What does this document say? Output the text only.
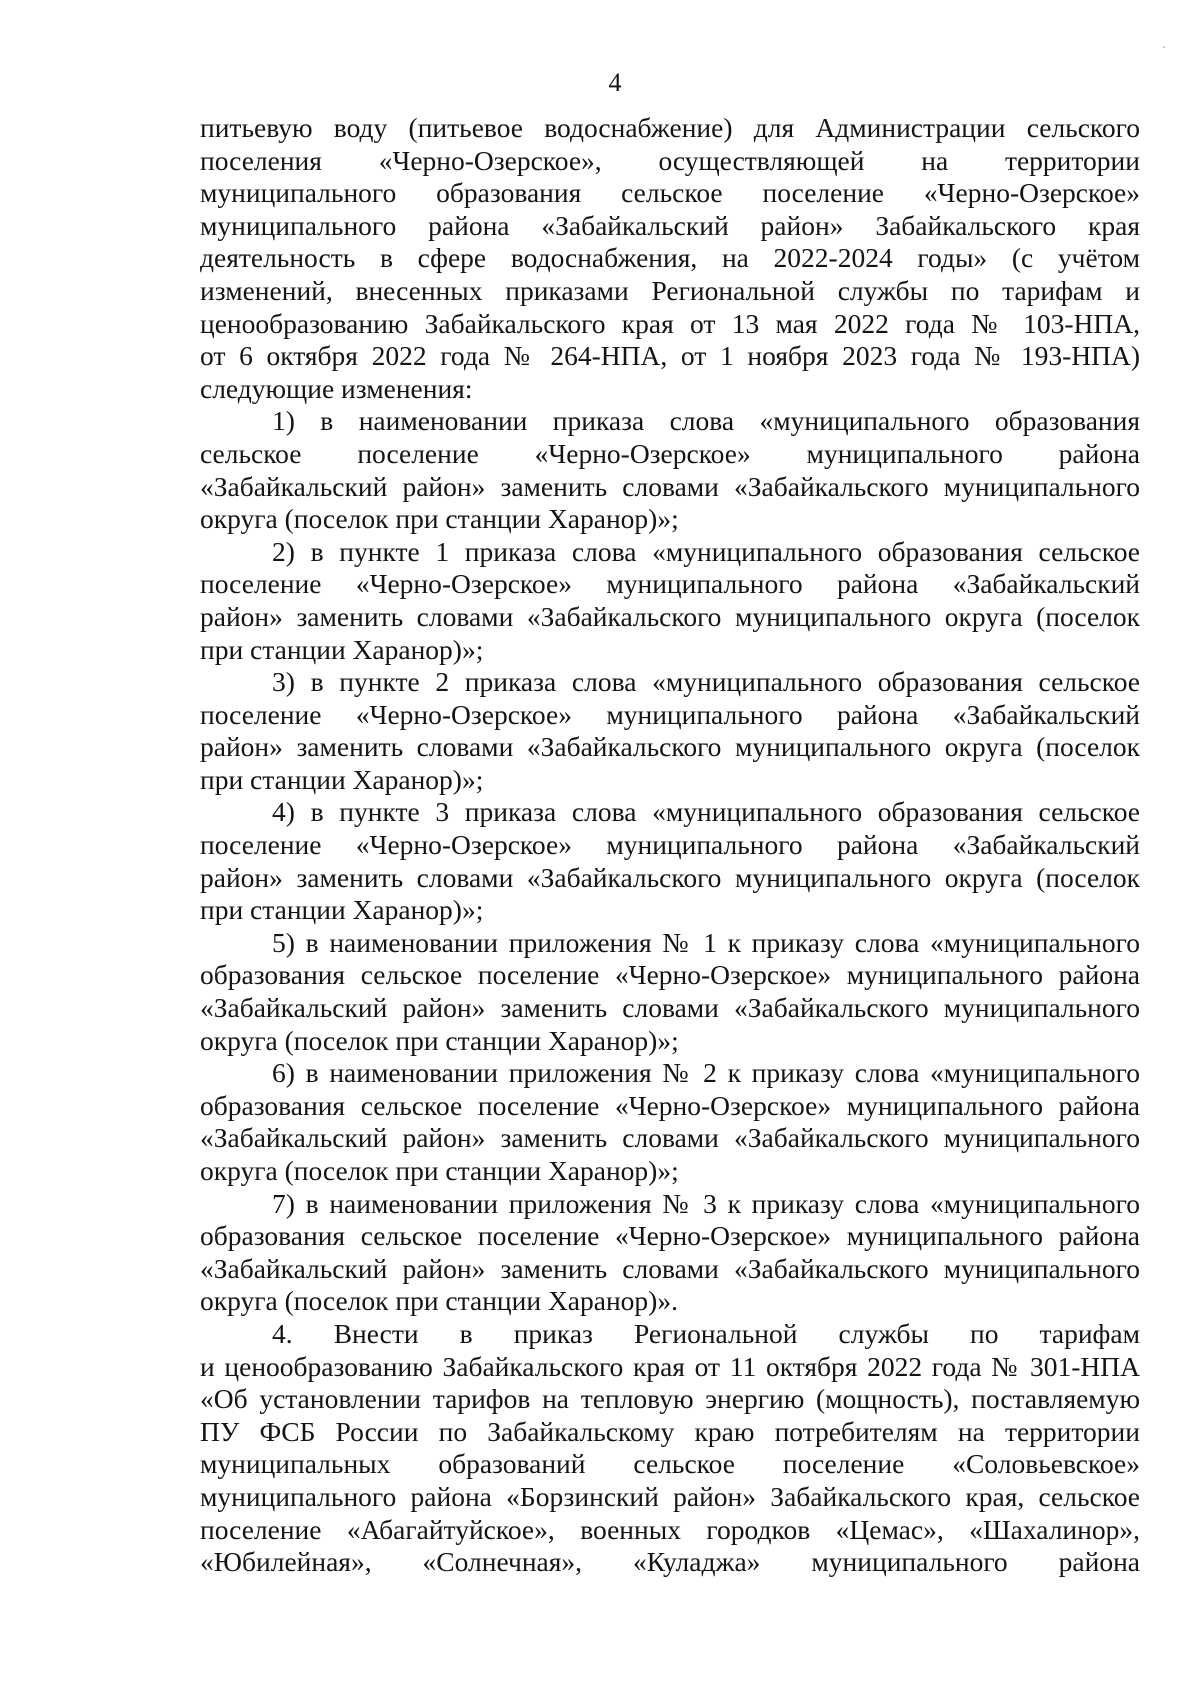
4
питьевую воду (питьевое водоснабжение) для Администрации сельского
поселения «Черно-Озерское», осуществляющей на территории
муниципального образования сельское поселение «Черно-Озерское»
муниципального района «Забайкальский район» Забайкальского края
деятельность в сфере водоснабжения, на 2022-2024 годы» (с учётом
изменений, внесенных приказами Региональной службы по тарифам и
ценообразованию Забайкальского края от 13 мая 2022 года № 103-НПА,
от 6 октября 2022 года № 264-НПА, от 1 ноября 2023 года № 193-НПА)
следующие изменения:
1) в наименовании приказа слова «муниципального образования
сельское поселение «Черно-Озерское» муниципального района
«Забайкальский район» заменить словами «Забайкальского муниципального
округа (поселок при станции Харанор)»;
2) в пункте 1 приказа слова «муниципального образования сельское
поселение «Черно-Озерское» муниципального района «Забайкальский
район» заменить словами «Забайкальского муниципального округа (поселок
при станции Харанор)»;
3) в пункте 2 приказа слова «муниципального образования сельское
поселение «Черно-Озерское» муниципального района «Забайкальский
район» заменить словами «Забайкальского муниципального округа (поселок
при станции Харанор)»;
4) в пункте 3 приказа слова «муниципального образования сельское
поселение «Черно-Озерское» муниципального района «Забайкальский
район» заменить словами «Забайкальского муниципального округа (поселок
при станции Харанор)»;
5) в наименовании приложения № 1 к приказу слова «муниципального
образования сельское поселение «Черно-Озерское» муниципального района
«Забайкальский район» заменить словами «Забайкальского муниципального
округа (поселок при станции Харанор)»;
6) в наименовании приложения № 2 к приказу слова «муниципального
образования сельское поселение «Черно-Озерское» муниципального района
«Забайкальский район» заменить словами «Забайкальского муниципального
округа (поселок при станции Харанор)»;
7) в наименовании приложения № 3 к приказу слова «муниципального
образования сельское поселение «Черно-Озерское» муниципального района
«Забайкальский район» заменить словами «Забайкальского муниципального
округа (поселок при станции Харанор)».
4. Внести в приказ Региональной службы по тарифам
и ценообразованию Забайкальского края от 11 октября 2022 года № 301-НПА
«Об установлении тарифов на тепловую энергию (мощность), поставляемую
ПУ ФСБ России по Забайкальскому краю потребителям на территории
муниципальных образований сельское поселение «Соловьевское»
муниципального района «Борзинский район» Забайкальского края, сельское
поселение «Абагайтуйское», военных городков «Цемас», «Шахалинор»,
«Юбилейная», «Солнечная», «Куладжа» муниципального района
